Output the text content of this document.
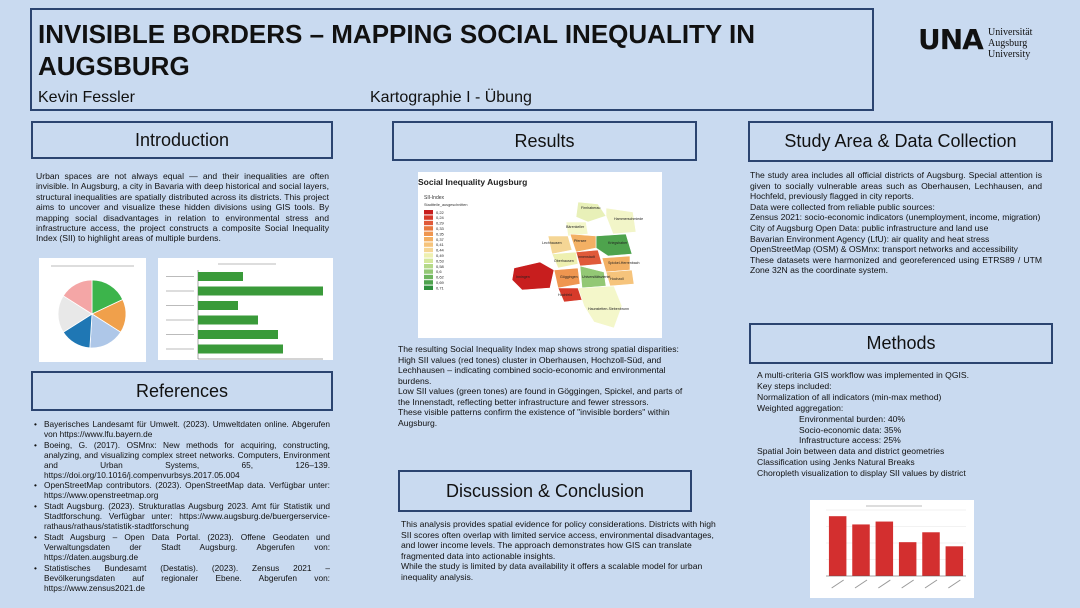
INVISIBLE BORDERS – MAPPING SOCIAL INEQUALITY IN AUGSBURG
Kevin Fessler	Kartographie I - Übung
UNA Universität
Augsburg
University
Introduction
Urban spaces are not always equal — and their inequalities are often invisible. In Augsburg, a city in Bavaria with deep historical and social layers, structural inequalities are spatially distributed across its districts. This project aims to uncover and visualize these hidden divisions using GIS tools. By mapping social disadvantages in relation to environmental stress and infrastructure access, the project constructs a composite Social Inequality Index (SII) to highlight areas of multiple burdens.
References
• Bayerisches Landesamt für Umwelt. (2023). Umweltdaten online. Abgerufen von https://www.lfu.bayern.de
• Boeing, G. (2017). OSMnx: New methods for acquiring, constructing, analyzing, and visualizing complex street networks. Computers, Environment and Urban Systems, 65, 126–139. https://doi.org/10.1016/j.compenvurbsys.2017.05.004
• OpenStreetMap contributors. (2023). OpenStreetMap data. Verfügbar unter: https://www.openstreetmap.org
• Stadt Augsburg. (2023). Strukturatlas Augsburg 2023. Amt für Statistik und Stadtforschung. Verfügbar unter: https://www.augsburg.de/buergerservice-rathaus/rathaus/statistik-stadtforschung
• Stadt Augsburg – Open Data Portal. (2023). Offene Geodaten und Verwaltungsdaten der Stadt Augsburg. Abgerufen von: https://daten.augsburg.de
• Statistisches Bundesamt (Destatis). (2023). Zensus 2021 – Bevölkerungsdaten auf regionaler Ebene. Abgerufen von: https://www.zensus2021.de
Results
Social Inequality Augsburg
SII-Index
Stadtteile_ausgeschnitten
0,22
0,24
0,29
0,33
0,35
0,37
0,41
0,44
0,49
0,53
0,58
0,6
0,62
0,69
0,71
Firnhaberau
Hammerschmiede
Bärenkeller
Kriegshaber
Lechhausen	Pfersee
Oberhausen
Innenstadt
Spickel-Herrenbach
Göggingen	Hochzoll
Inningen
Haunstetten-Siebenbrunn
Universitätsviertel
Hochfeld
The resulting Social Inequality Index map shows strong spatial disparities:
High SII values (red tones) cluster in Oberhausen, Hochzoll-Süd, and Lechhausen – indicating combined socio-economic and environmental burdens.
Low SII values (green tones) are found in Göggingen, Spickel, and parts of the Innenstadt, reflecting better infrastructure and fewer stressors.
These visible patterns confirm the existence of "invisible borders" within Augsburg.
Discussion & Conclusion
This analysis provides spatial evidence for policy considerations. Districts with high SII scores often overlap with limited service access, environmental disadvantages, and lower income levels. The approach demonstrates how GIS can translate fragmented data into actionable insights.
While the study is limited by data availability it offers a scalable model for urban inequality analysis.
Study Area & Data Collection
The study area includes all official districts of Augsburg. Special attention is given to socially vulnerable areas such as Oberhausen, Lechhausen, and Hochfeld, previously flagged in city reports.
Data were collected from reliable public sources:
Zensus 2021: socio-economic indicators (unemployment, income, migration)
City of Augsburg Open Data: public infrastructure and land use
Bavarian Environment Agency (LfU): air quality and heat stress
OpenStreetMap (OSM) & OSMnx: transport networks and accessibility
These datasets were harmonized and georeferenced using ETRS89 / UTM Zone 32N as the coordinate system.
Methods
A multi-criteria GIS workflow was implemented in QGIS.
Key steps included:
Normalization of all indicators (min-max method)
Weighted aggregation:
Environmental burden: 40%
Socio-economic data: 35%
Infrastructure access: 25%
Spatial Join between data and district geometries
Classification using Jenks Natural Breaks
Choropleth visualization to display SII values by district
